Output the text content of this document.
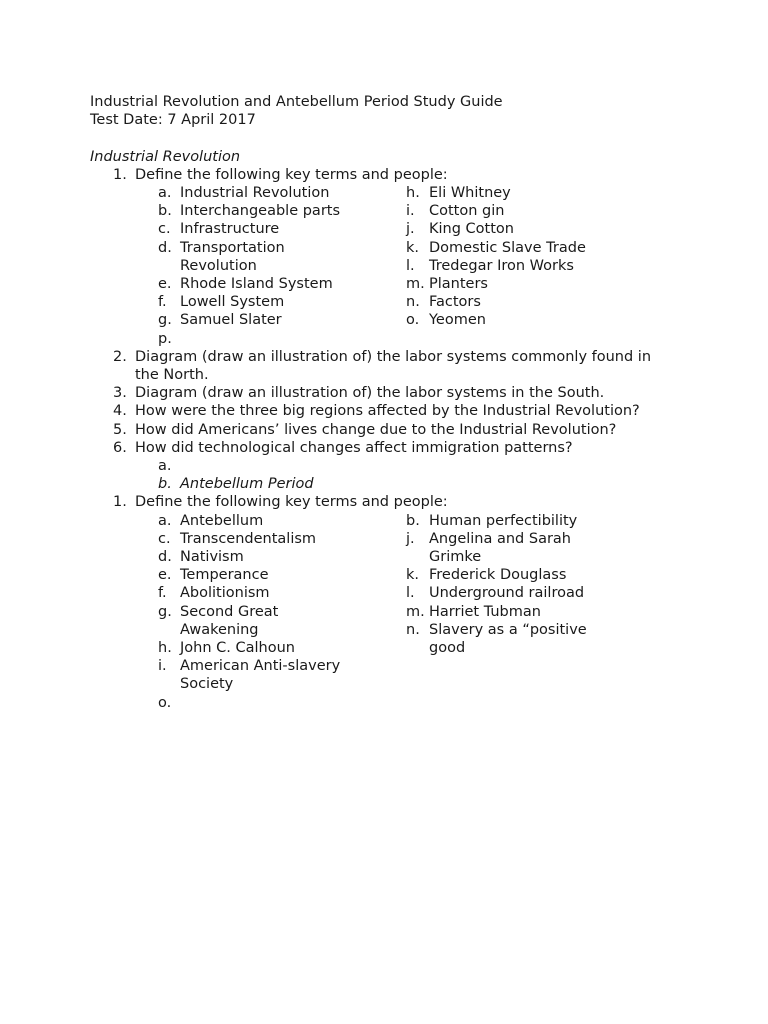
Industrial Revolution and Antebellum Period Study Guide
Test Date: 7 April 2017
Industrial Revolution
1. Define the following key terms and people:
a. Industrial Revolution
b. Interchangeable parts
c. Infrastructure
d. Transportation
Revolution
e. Rhode Island System
f. Lowell System
g. Samuel Slater
p.

h. Eli Whitney
i. Cotton gin
j. King Cotton
k. Domestic Slave Trade
l. Tredegar Iron Works
m. Planters
n. Factors
o. Yeomen
2. Diagram (draw an illustration of) the labor systems commonly found in
the North.
3. Diagram (draw an illustration of) the labor systems in the South.
4. How were the three big regions affected by the Industrial Revolution?
5. How did Americans’ lives change due to the Industrial Revolution?
6. How did technological changes affect immigration patterns?
a.

b. Antebellum Period
1. Define the following key terms and people:
a. Antebellum
c. Transcendentalism
d. Nativism
e. Temperance
f. Abolitionism
g. Second Great
Awakening
h. John C. Calhoun
i. American Anti-slavery
Society
o.

b. Human perfectibility
j. Angelina and Sarah
Grimke
k. Frederick Douglass
l. Underground railroad
m. Harriet Tubman
n. Slavery as a “positive
good
